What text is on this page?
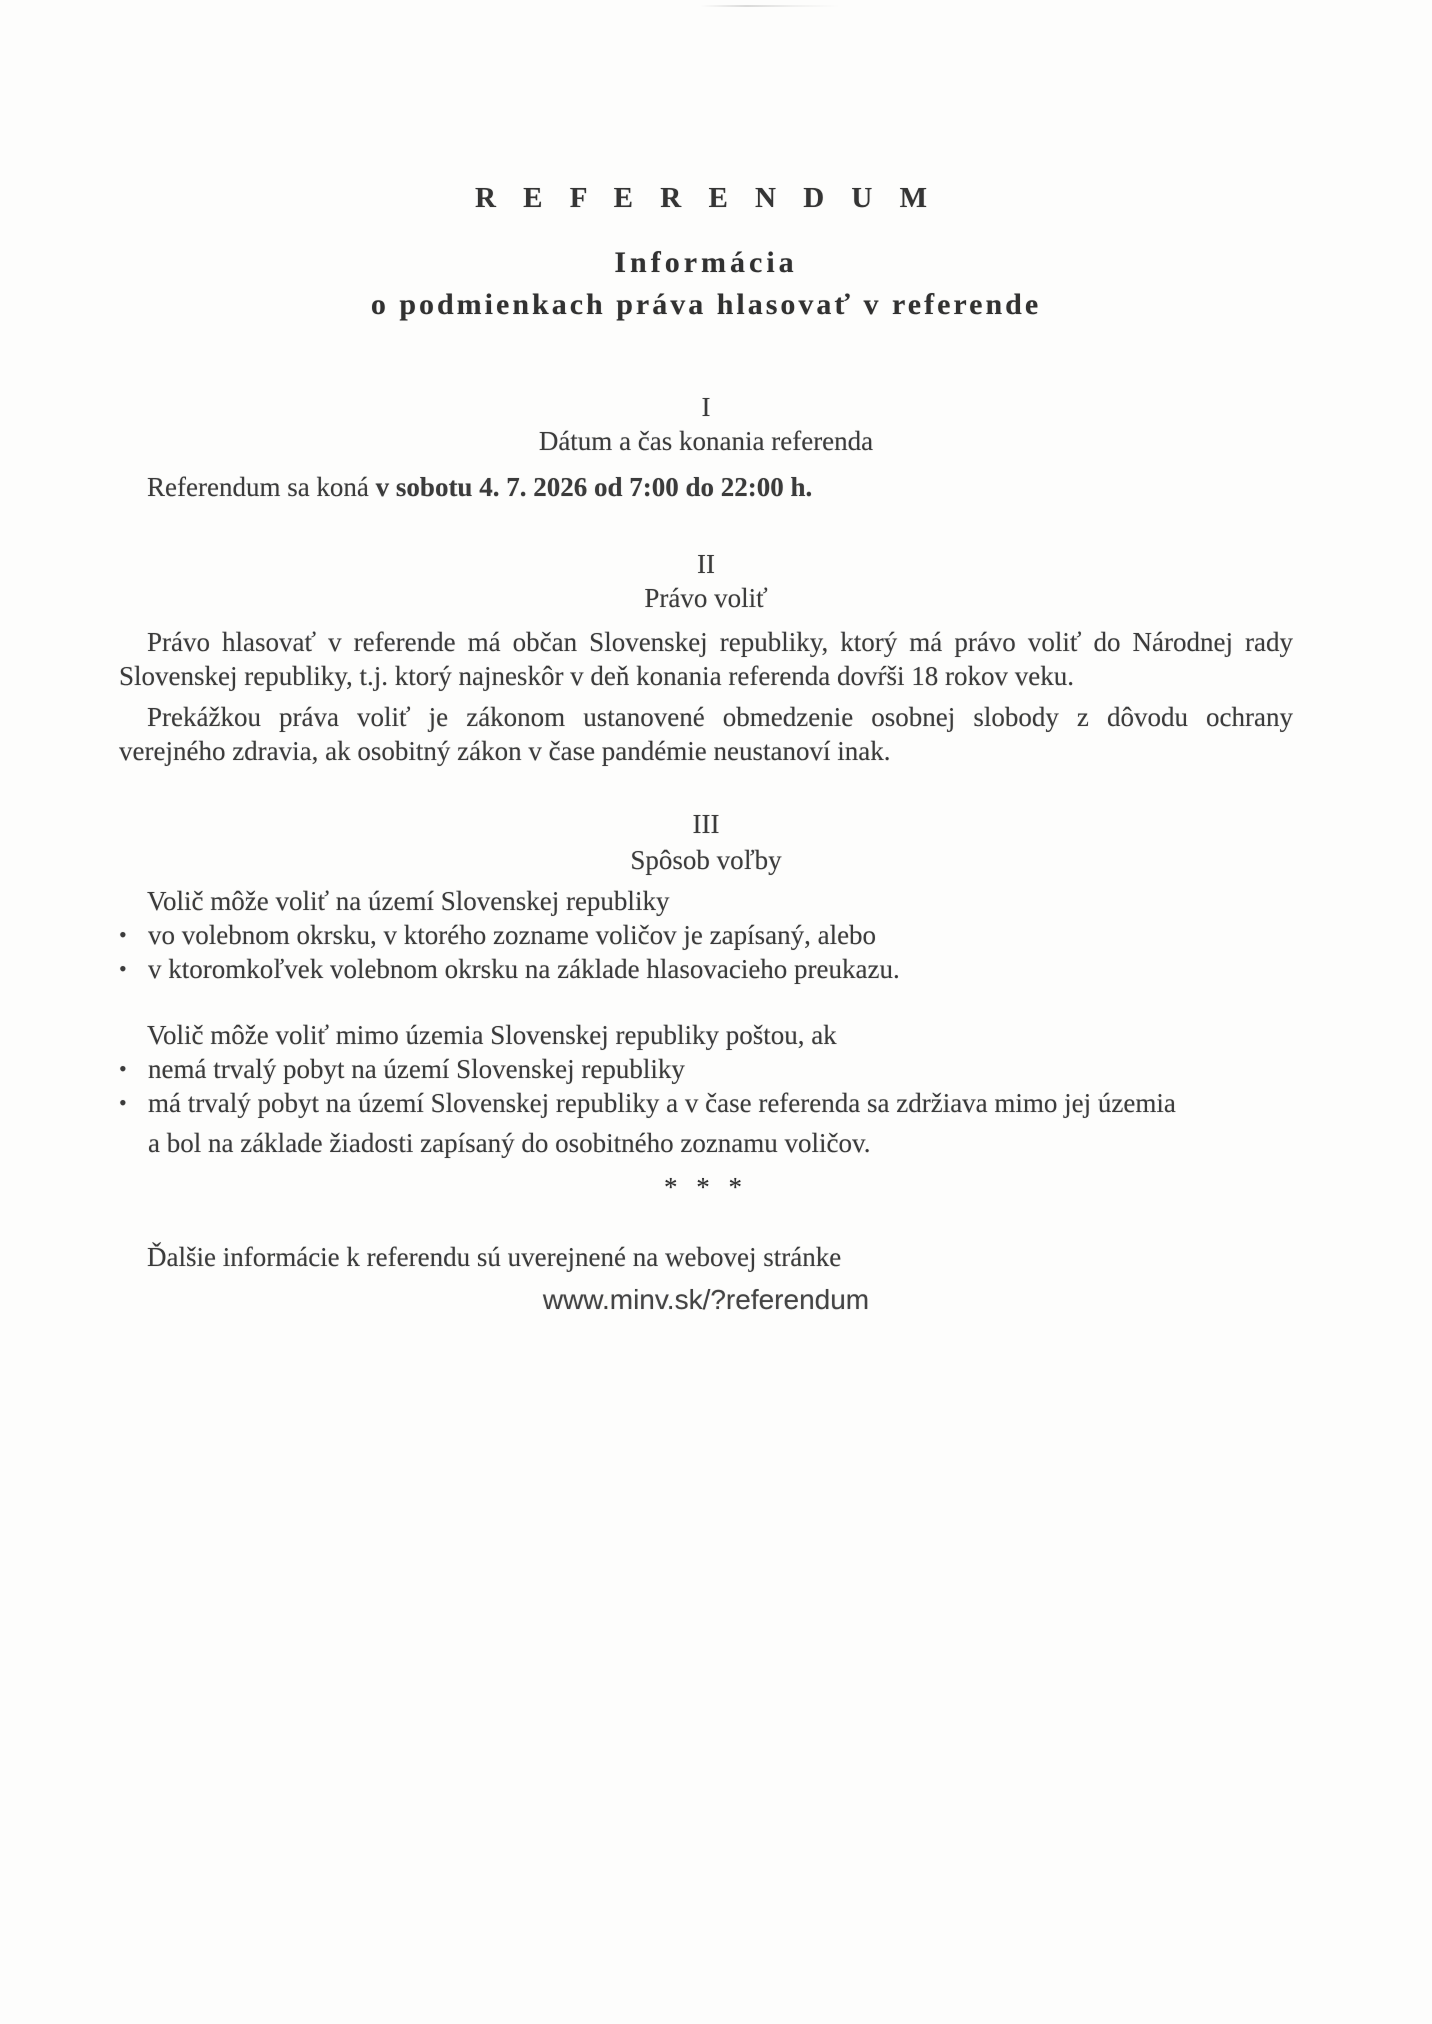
R E F E R E N D U M
Informácia
o podmienkach práva hlasovať v referende
I
Dátum a čas konania referenda
Referendum sa koná v sobotu 4. 7. 2026 od 7:00 do 22:00 h.
II
Právo voliť
Právo hlasovať v referende má občan Slovenskej republiky, ktorý má právo voliť do Národnej rady
Slovenskej republiky, t.j. ktorý najneskôr v deň konania referenda dovŕši 18 rokov veku.
Prekážkou práva voliť je zákonom ustanovené obmedzenie osobnej slobody z dôvodu ochrany
verejného zdravia, ak osobitný zákon v čase pandémie neustanoví inak.
III
Spôsob voľby
Volič môže voliť na území Slovenskej republiky
• vo volebnom okrsku, v ktorého zozname voličov je zapísaný, alebo
• v ktoromkoľvek volebnom okrsku na základe hlasovacieho preukazu.
Volič môže voliť mimo územia Slovenskej republiky poštou, ak
• nemá trvalý pobyt na území Slovenskej republiky
• má trvalý pobyt na území Slovenskej republiky a v čase referenda sa zdržiava mimo jej územia
a bol na základe žiadosti zapísaný do osobitného zoznamu voličov.
* * *
Ďalšie informácie k referendu sú uverejnené na webovej stránke
www.minv.sk/?referendum
